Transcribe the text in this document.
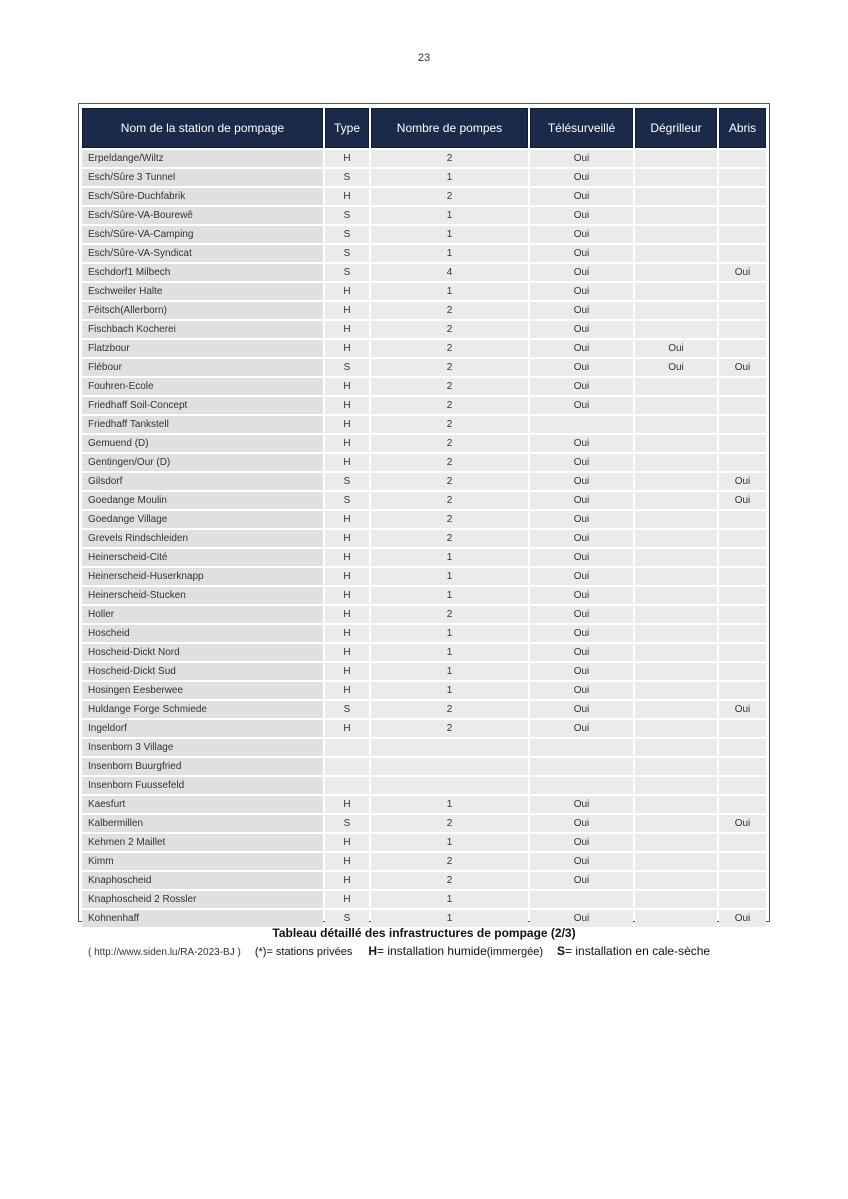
23
Nom de la station de pompage	Type	Nombre de pompes	Télésurveillé	Dégrilleur	Abris
Erpeldange/Wiltz	H	2	Oui		
Esch/Sûre 3 Tunnel	S	1	Oui		
Esch/Sûre-Duchfabrik	H	2	Oui		
Esch/Sûre-VA-Bourewê	S	1	Oui		
Esch/Sûre-VA-Camping	S	1	Oui		
Esch/Sûre-VA-Syndicat	S	1	Oui		
Eschdorf1 Milbech	S	4	Oui		Oui
Eschweiler Halte	H	1	Oui		
Féitsch(Allerborn)	H	2	Oui		
Fischbach Kocherei	H	2	Oui		
Flatzbour	H	2	Oui	Oui	
Flébour	S	2	Oui	Oui	Oui
Fouhren-Ecole	H	2	Oui		
Friedhaff Soil-Concept	H	2	Oui		
Friedhaff Tankstell	H	2			
Gemuend (D)	H	2	Oui		
Gentingen/Our (D)	H	2	Oui		
Gilsdorf	S	2	Oui		Oui
Goedange Moulin	S	2	Oui		Oui
Goedange Village	H	2	Oui		
Grevels Rindschleiden	H	2	Oui		
Heinerscheid-Cité	H	1	Oui		
Heinerscheid-Huserknapp	H	1	Oui		
Heinerscheid-Stucken	H	1	Oui		
Holler	H	2	Oui		
Hoscheid	H	1	Oui		
Hoscheid-Dickt Nord	H	1	Oui		
Hoscheid-Dickt Sud	H	1	Oui		
Hosingen Eesberwee	H	1	Oui		
Huldange Forge Schmiede	S	2	Oui		Oui
Ingeldorf	H	2	Oui		
Insenborn 3 Village					
Insenborn Buurgfried					
Insenborn Fuussefeld					
Kaesfurt	H	1	Oui		
Kalbermillen	S	2	Oui		Oui
Kehmen 2 Maillet	H	1	Oui		
Kimm	H	2	Oui		
Knaphoscheid	H	2	Oui		
Knaphoscheid 2 Rossler	H	1			
Kohnenhaff	S	1	Oui		Oui
Tableau détaillé des infrastructures de pompage (2/3)
( http://www.siden.lu/RA-2023-BJ ) (*)= stations privées H= installation humide(immergée) S= installation en cale-sèche
